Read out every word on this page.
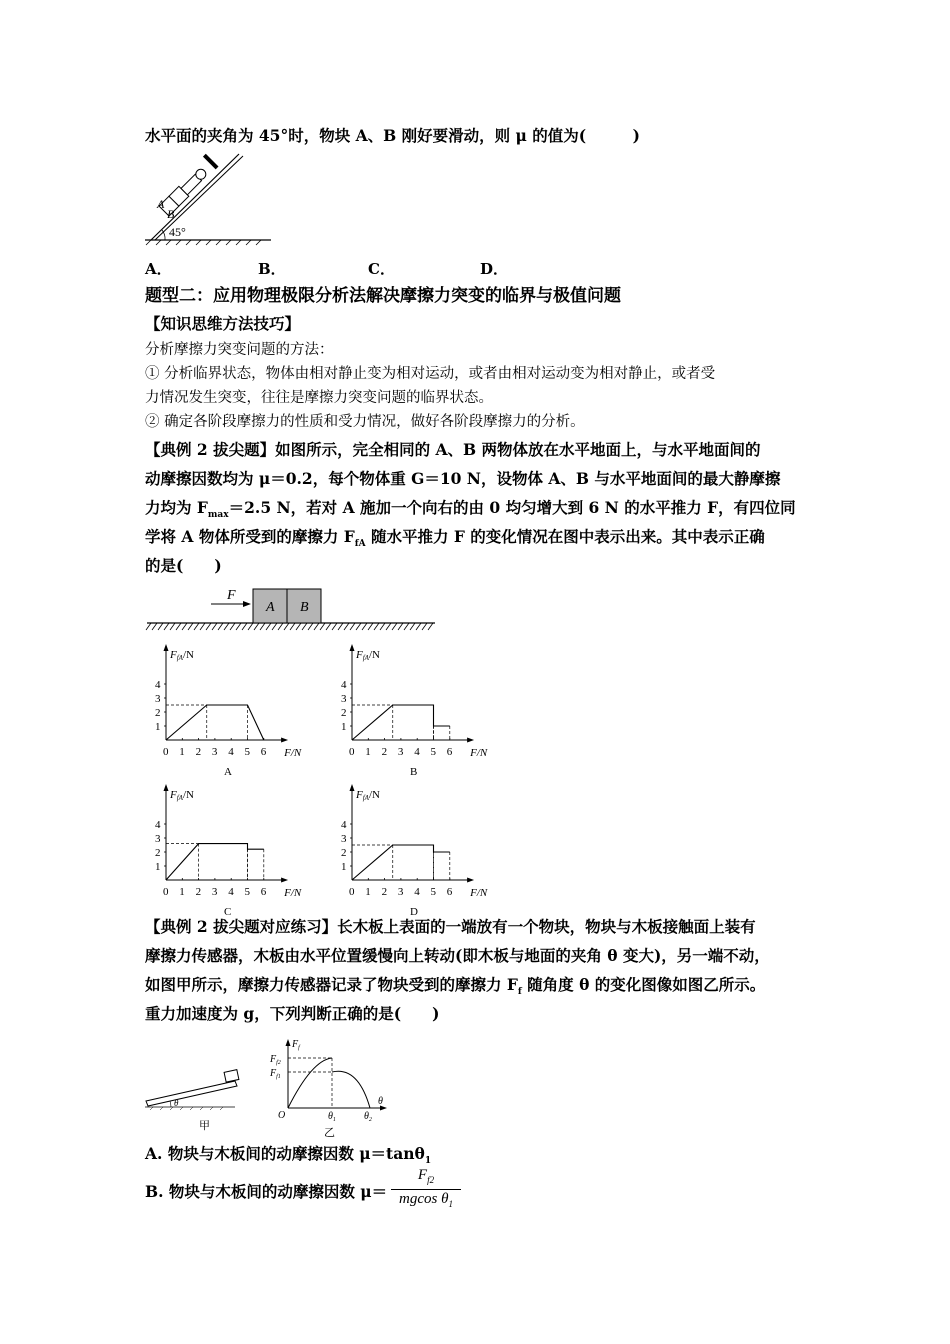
水平面的夹角为 45°时，物块 A、B 刚好要滑动，则 μ 的值为(　　　)
A
B
45°
A．	B．	C．	D．
题型二：应用物理极限分析法解决摩擦力突变的临界与极值问题
【知识思维方法技巧】
分析摩擦力突变问题的方法：
① 分析临界状态，物体由相对静止变为相对运动，或者由相对运动变为相对静止，或者受
力情况发生突变，往往是摩擦力突变问题的临界状态。
② 确定各阶段摩擦力的性质和受力情况，做好各阶段摩擦力的分析。
【典例 2 拔尖题】如图所示，完全相同的 A、B 两物体放在水平地面上，与水平地面间的
动摩擦因数均为 μ＝0.2，每个物体重 G＝10 N，设物体 A、B 与水平地面间的最大静摩擦
力均为 $F_{max}=2.5$ N，若对 A 施加一个向右的由 0 均匀增大到 6 N 的水平推力 F，有四位同
学将 A 物体所受到的摩擦力 $F_{fA}$ 随水平推力 F 的变化情况在图中表示出来。其中表示正确
的是(　　)
A B
F
FfA/N
4
3
2
1
0 1 2 3 4 5 6 F/N
A
FfA/N
4
3
2
1
0 1 2 3 4 5 6 F/N
B
FfA/N
4
3
2
1
0 1 2 3 4 5 6 F/N
C
FfA/N
4
3
2
1
0 1 2 3 4 5 6 F/N
D
【典例 2 拔尖题对应练习】长木板上表面的一端放有一个物块，物块与木板接触面上装有
摩擦力传感器，木板由水平位置缓慢向上转动(即木板与地面的夹角 θ 变大)，另一端不动，
如图甲所示，摩擦力传感器记录了物块受到的摩擦力 $F_f$ 随角度 θ 的变化图像如图乙所示。
重力加速度为 g，下列判断正确的是(　　)
θ
甲
$F_f$
$F_{f2}$
$F_{f1}$
O	$\theta_1$	$\theta_2$
θ
乙
A. 物块与木板间的动摩擦因数 μ＝tanθ$_1$
B. 物块与木板间的动摩擦因数 μ＝
$F_{f2}$
mgcos $\theta_1$
